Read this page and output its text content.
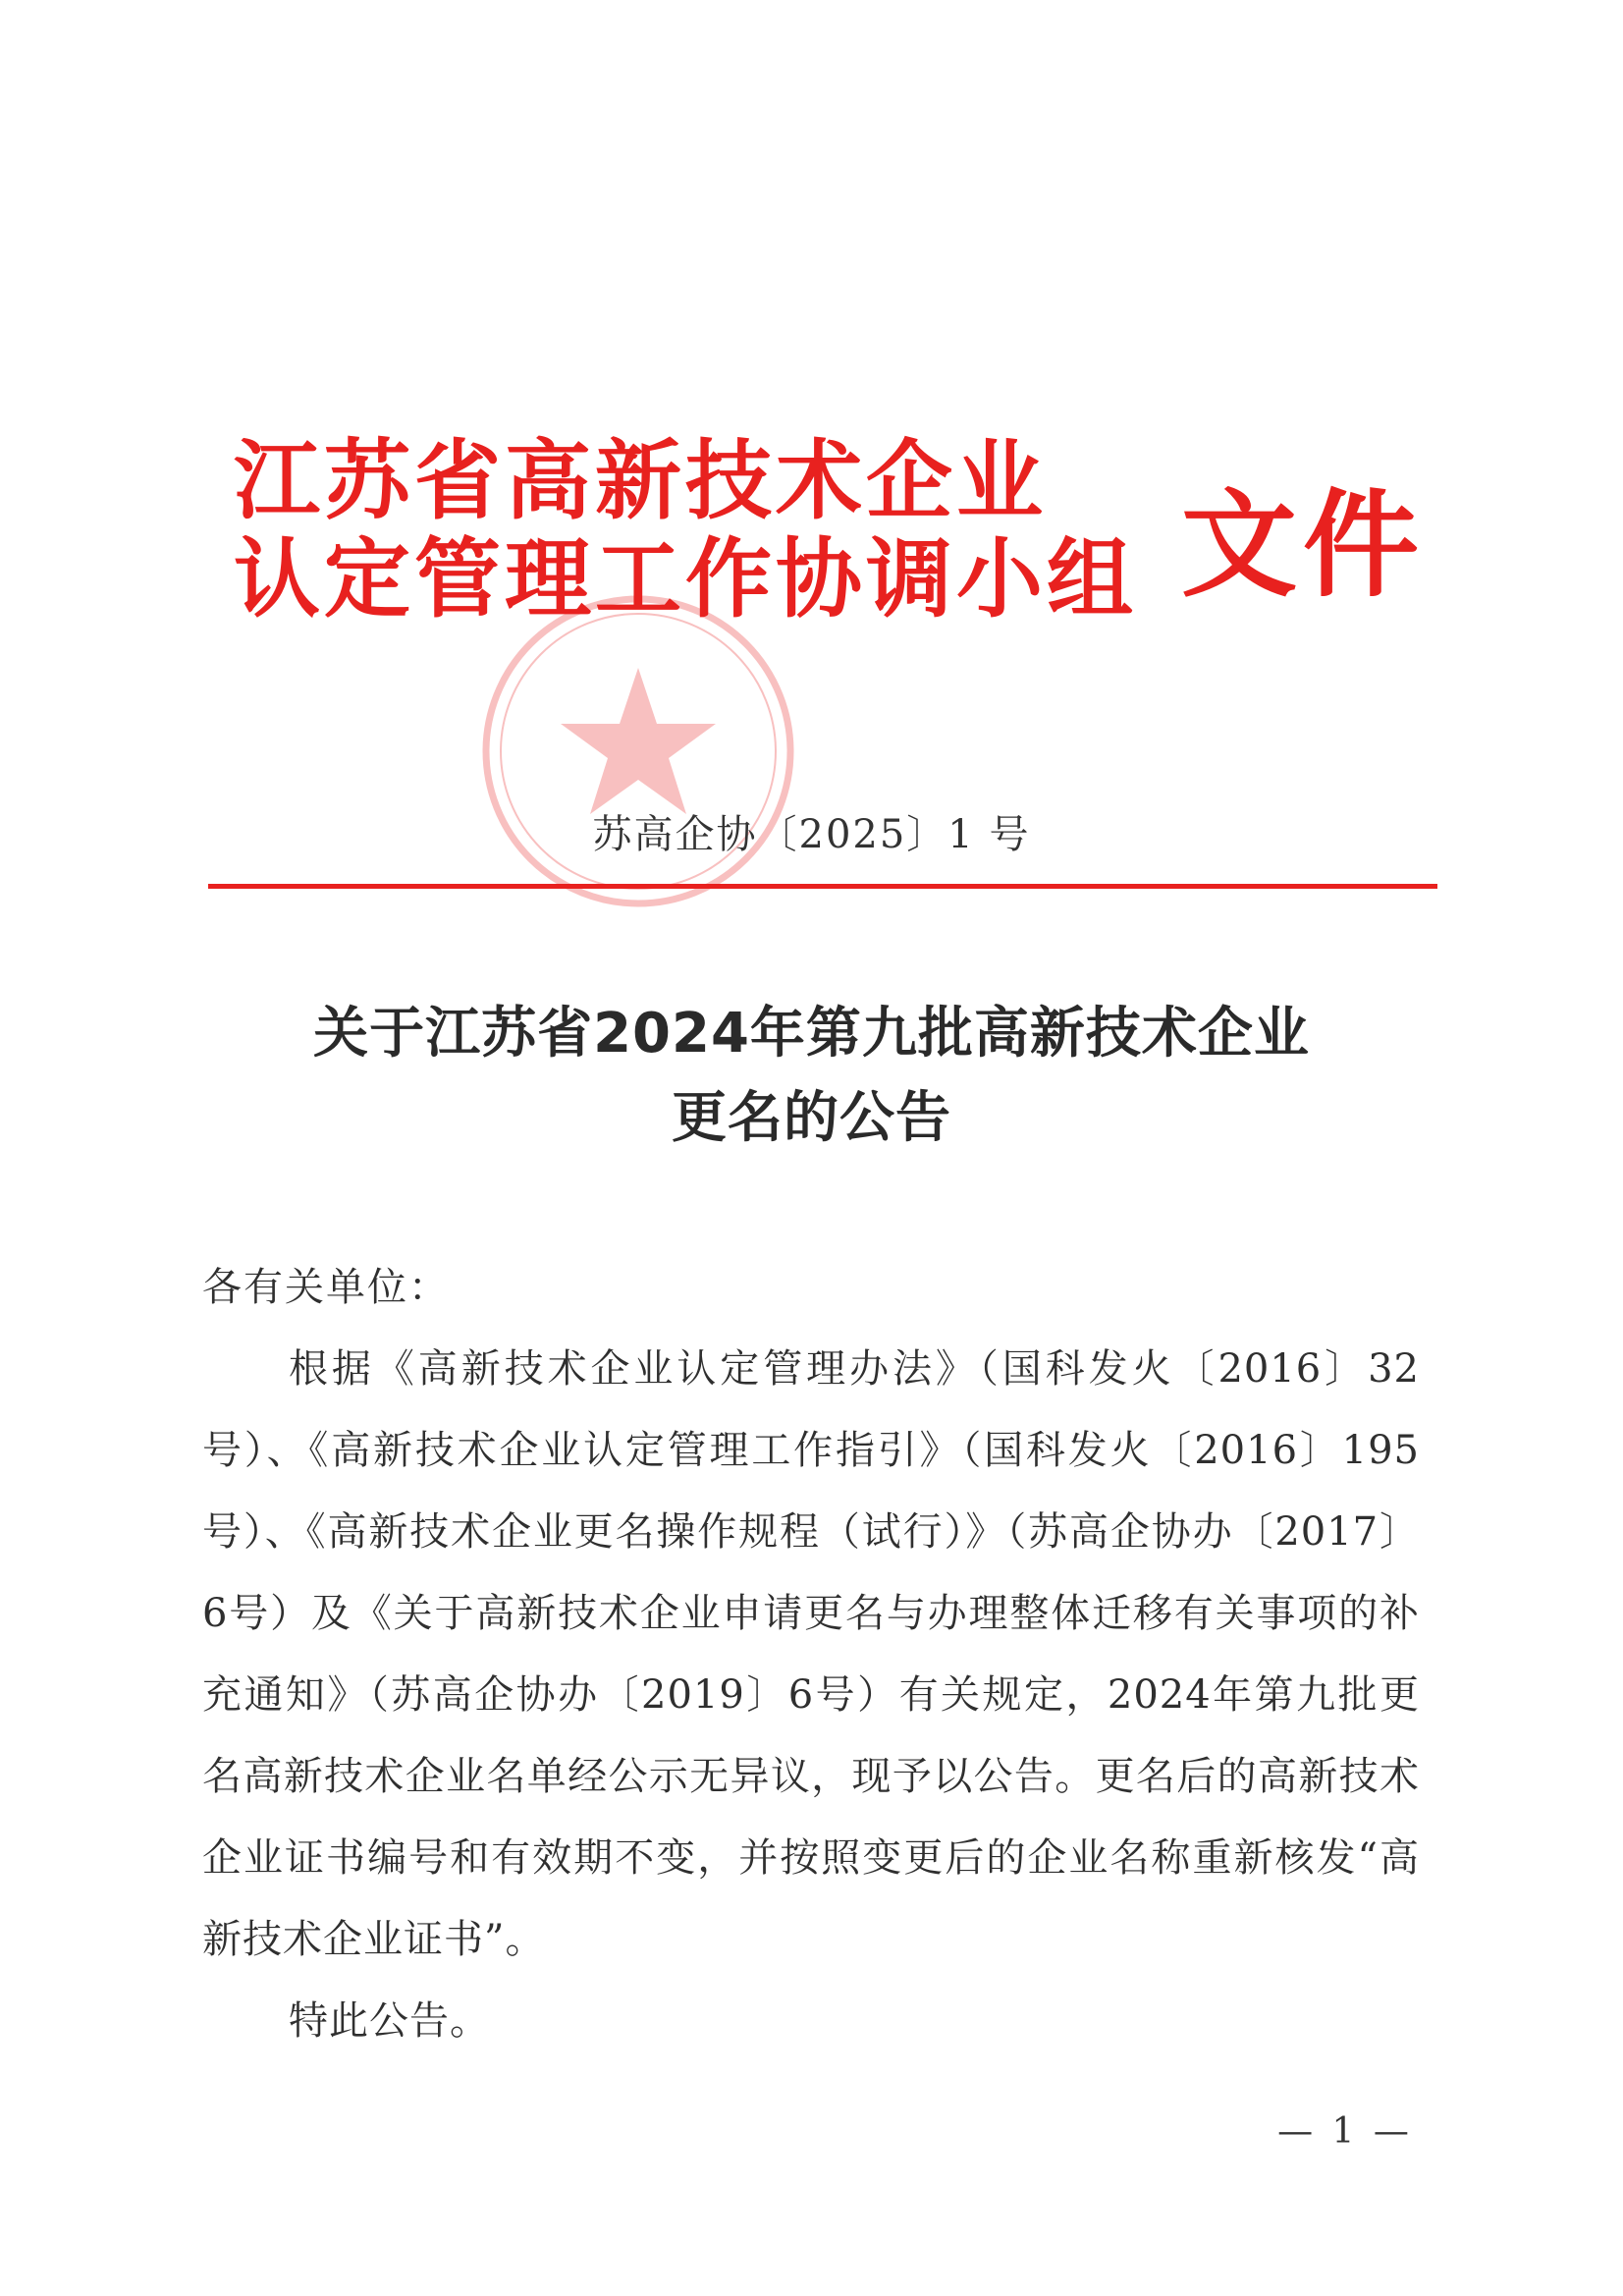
江苏省高新技术企业
认定管理工作协调小组 文件
苏高企协〔2025〕1 号
关于江苏省2024年第九批高新技术企业
更名的公告

各有关单位：

根据《高新技术企业认定管理办法》（国科发火〔2016〕32号）、《高新技术企业认定管理工作指引》（国科发火〔2016〕195号）、《高新技术企业更名操作规程（试行）》（苏高企协办〔2017〕6号）及《关于高新技术企业申请更名与办理整体迁移有关事项的补充通知》（苏高企协办〔2019〕6号）有关规定，2024年第九批更名高新技术企业名单经公示无异议，现予以公告。更名后的高新技术企业证书编号和有效期不变，并按照变更后的企业名称重新核发“高新技术企业证书”。

特此公告。

— 1 —
